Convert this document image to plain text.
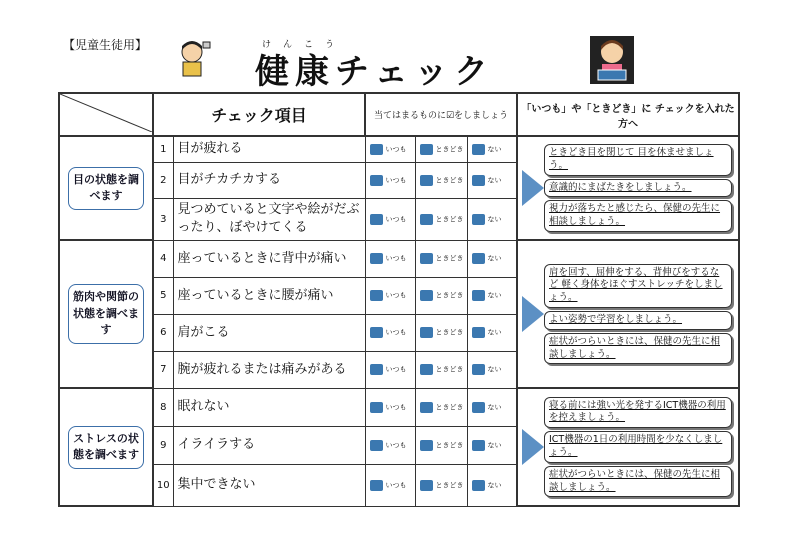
【児童生徒用】	けんこう
健康チェック
	チェック項目		当てはまるものに☑をしましょう			「いつも」や「ときどき」に チェックを入れた方へ

目の状態を調べます	1	目が疲れる	いつも	ときどき	ない	ときどき目を閉じて 目を休ませましょう。
意識的にまばたきをしましょう。
視力が落ちたと感じたら、保健の先生に相談しましょう。

	2	目がチカチカする	いつも	ときどき	ない	
	3	見つめていると文字や絵がだぶったり、ぼやけてくる	いつも	ときどき	ない	

筋肉や関節の状態を調べます	4	座っているときに背中が痛い	いつも	ときどき	ない	肩を回す、屈伸をする、背伸びをするなど 軽く身体をほぐすストレッチをしましょう。
よい姿勢で学習をしましょう。
症状がつらいときには、保健の先生に相談しましょう。

	5	座っているときに腰が痛い	いつも	ときどき	ない	
	6	肩がこる	いつも	ときどき	ない	
	7	腕が疲れるまたは痛みがある	いつも	ときどき	ない	

ストレスの状態を調べます	8	眠れない	いつも	ときどき	ない	寝る前には強い光を発するICT機器の利用を控えましょう。
ICT機器の1日の利用時間を少なくしましょう。
症状がつらいときには、保健の先生に相談しましょう。

	9	イライラする	いつも	ときどき	ない	
	10	集中できない	いつも	ときどき	ない	
